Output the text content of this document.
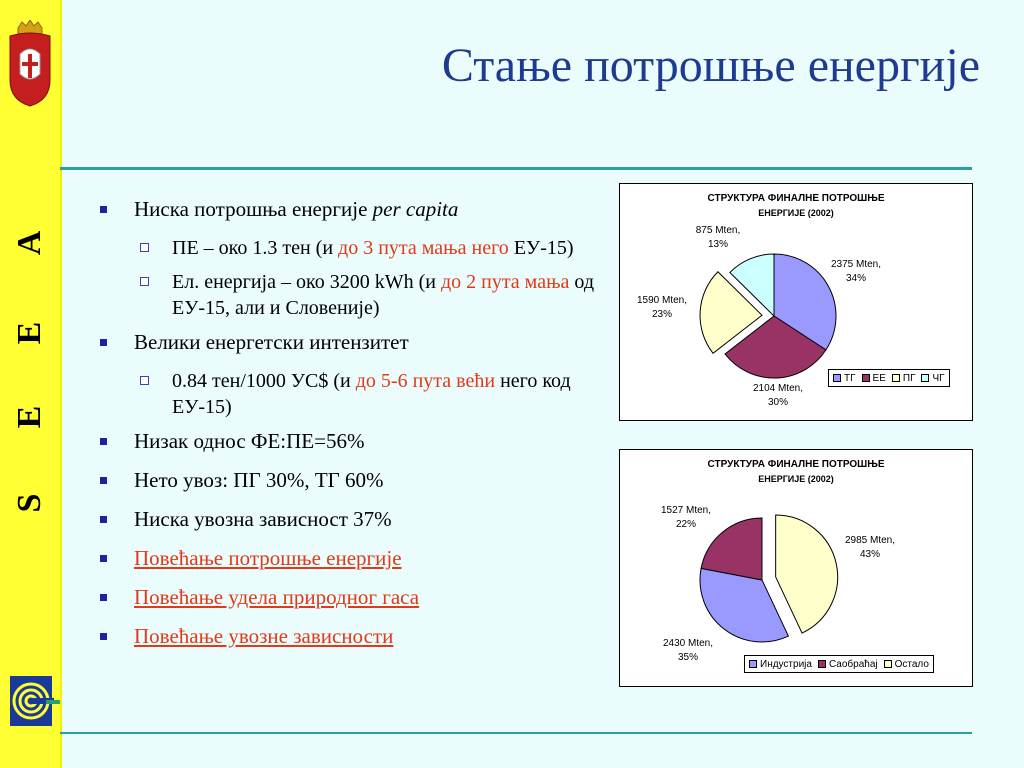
A
E
E
S
Стање потрошње енергије
Ниска потрошња енергије per capita
ПЕ – око 1.3 тен (и до 3 пута мања него ЕУ-15)
Ел. енергија – око 3200 kWh (и до 2 пута мања од ЕУ-15, али и Словеније)
Велики енергетски интензитет
0.84 тен/1000 УС$ (и до 5-6 пута већи него код ЕУ-15)
Низак однос ФЕ:ПЕ=56%
Нето увоз: ПГ 30%, ТГ 60%
Ниска увозна зависност 37%
Повећање потрошње енергије
Повећање удела природног гаса
Повећање увозне зависности
СТРУКТУРА ФИНАЛНЕ ПОТРОШЊЕ
ЕНЕРГИЈЕ (2002)
2375 Mten,
34%
2104 Mten,
30%
1590 Mten,
23%
875 Mten,
13%
ТГ ЕЕ ПГ ЧГ
СТРУКТУРА ФИНАЛНЕ ПОТРОШЊЕ
ЕНЕРГИЈЕ (2002)
2985 Mten,
43%
2430 Mten,
35%
1527 Mten,
22%
Индустрија Саобраћај Остало
